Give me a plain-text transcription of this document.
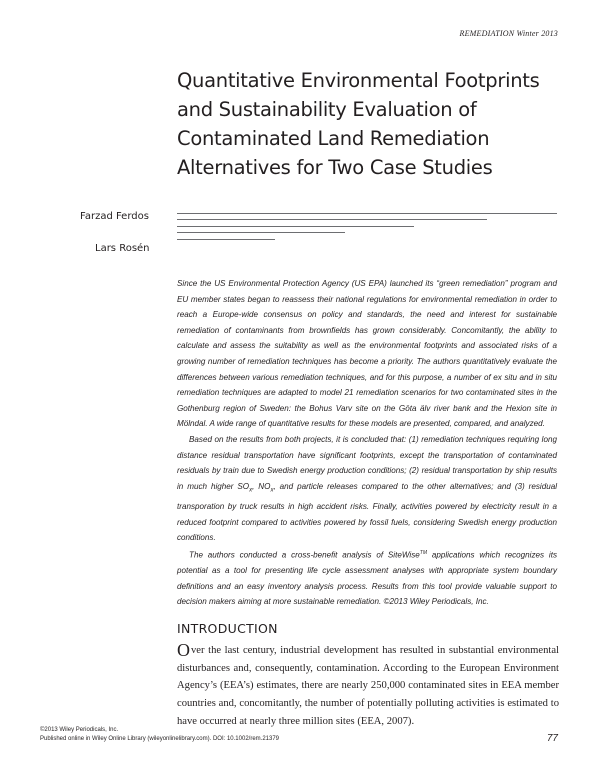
REMEDIATION Winter 2013
Quantitative Environmental Footprints
and Sustainability Evaluation of
Contaminated Land Remediation
Alternatives for Two Case Studies
Farzad Ferdos
Lars Rosén

Since the US Environmental Protection Agency (US EPA) launched its “green remediation” program and EU member states began to reassess their national regulations for environmental remediation in order to reach a Europe-wide consensus on policy and standards, the need and interest for sustainable remediation of contaminants from brownfields has grown considerably. Concomitantly, the ability to calculate and assess the suitability as well as the environmental footprints and associated risks of a growing number of remediation techniques has become a priority. The authors quantitatively evaluate the differences between various remediation techniques, and for this purpose, a number of ex situ and in situ remediation techniques are adapted to model 21 remediation scenarios for two contaminated sites in the Gothenburg region of Sweden: the Bohus Varv site on the Göta älv river bank and the Hexion site in Mölndal. A wide range of quantitative results for these models are presented, compared, and analyzed.

Based on the results from both projects, it is concluded that: (1) remediation techniques requiring long distance residual transportation have significant footprints, except the transportation of contaminated residuals by train due to Swedish energy production conditions; (2) residual transportation by ship results in much higher $SO_x$, $NO_x$, and particle releases compared to the other alternatives; and (3) residual transporation by truck results in high accident risks. Finally, activities powered by electricity result in a reduced footprint compared to activities powered by fossil fuels, considering Swedish energy production conditions.

The authors conducted a cross-benefit analysis of SiteWise™ applications which recognizes its potential as a tool for presenting life cycle assessment analyses with appropriate system boundary definitions and an easy inventory analysis process. Results from this tool provide valuable support to decision makers aiming at more sustainable remediation. ©2013 Wiley Periodicals, Inc.

INTRODUCTION

Over the last century, industrial development has resulted in substantial environmental disturbances and, consequently, contamination. According to the European Environment Agency’s (EEA’s) estimates, there are nearly 250,000 contaminated sites in EEA member countries and, concomitantly, the number of potentially polluting activities is estimated to have occurred at nearly three million sites (EEA, 2007).

©2013 Wiley Periodicals, Inc.
Published online in Wiley Online Library (wileyonlinelibrary.com). DOI: 10.1002/rem.21379	77
